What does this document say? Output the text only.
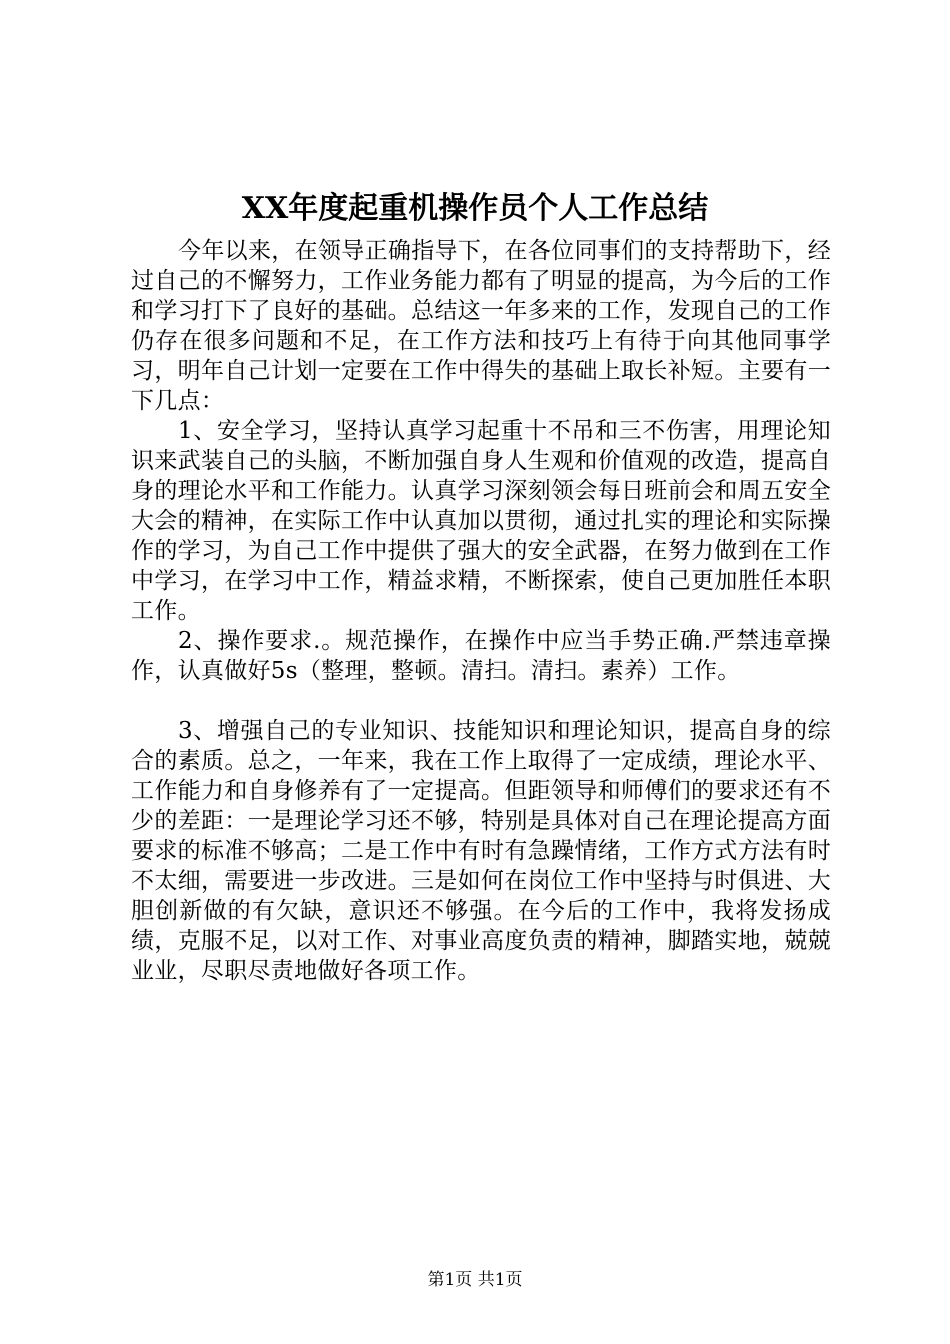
XX年度起重机操作员个人工作总结

今年以来，在领导正确指导下，在各位同事们的支持帮助下，经过自己的不懈努力，工作业务能力都有了明显的提高，为今后的工作和学习打下了良好的基础。总结这一年多来的工作，发现自己的工作仍存在很多问题和不足，在工作方法和技巧上有待于向其他同事学习，明年自己计划一定要在工作中得失的基础上取长补短。主要有一下几点：

1、安全学习，坚持认真学习起重十不吊和三不伤害，用理论知识来武装自己的头脑，不断加强自身人生观和价值观的改造，提高自身的理论水平和工作能力。认真学习深刻领会每日班前会和周五安全大会的精神，在实际工作中认真加以贯彻，通过扎实的理论和实际操作的学习，为自己工作中提供了强大的安全武器，在努力做到在工作中学习，在学习中工作，精益求精，不断探索，使自己更加胜任本职工作。

2、操作要求.。规范操作，在操作中应当手势正确.严禁违章操作，认真做好5s（整理，整顿。清扫。清扫。素养）工作。

3、增强自己的专业知识、技能知识和理论知识，提高自身的综合的素质。总之，一年来，我在工作上取得了一定成绩，理论水平、工作能力和自身修养有了一定提高。但距领导和师傅们的要求还有不少的差距：一是理论学习还不够，特别是具体对自己在理论提高方面要求的标准不够高；二是工作中有时有急躁情绪，工作方式方法有时不太细，需要进一步改进。三是如何在岗位工作中坚持与时俱进、大胆创新做的有欠缺，意识还不够强。在今后的工作中，我将发扬成绩，克服不足，以对工作、对事业高度负责的精神，脚踏实地，兢兢业业，尽职尽责地做好各项工作。

第1页 共1页
